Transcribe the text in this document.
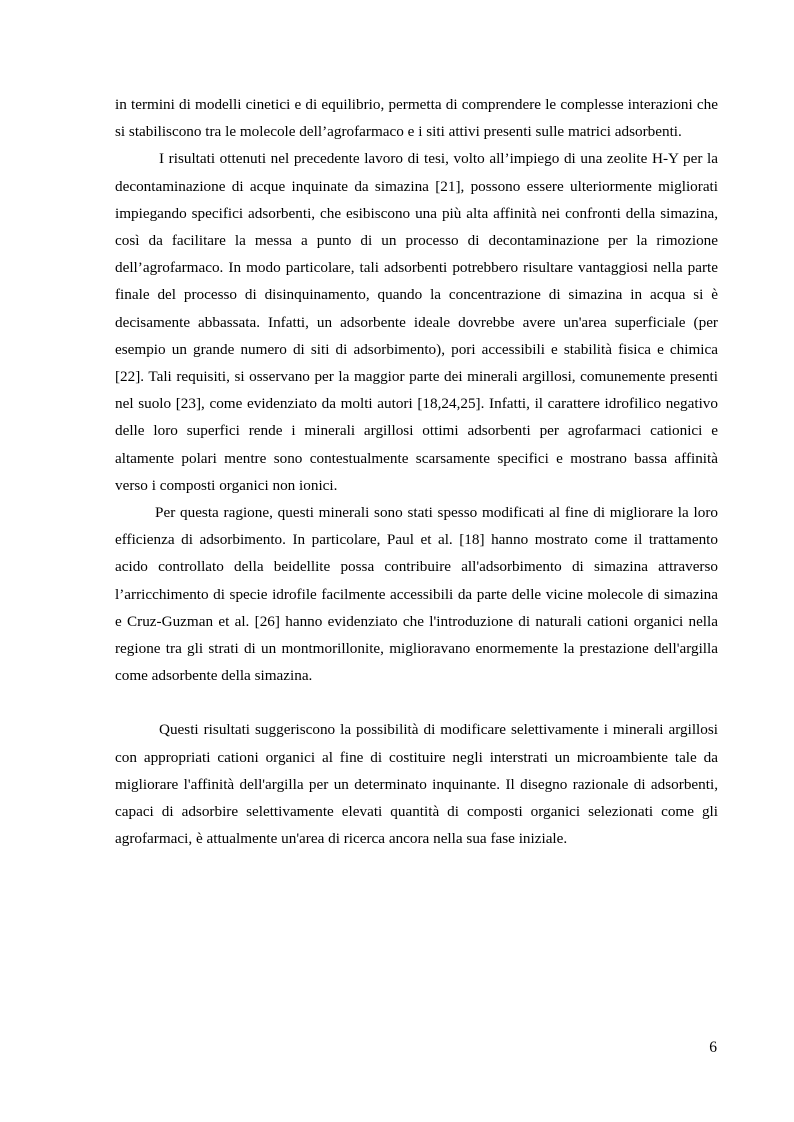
in termini di modelli cinetici e di equilibrio, permetta di comprendere le complesse interazioni che si stabiliscono tra le molecole dell’agrofarmaco e i siti attivi presenti sulle matrici adsorbenti.

I risultati ottenuti nel precedente lavoro di tesi, volto all’impiego di una zeolite H-Y per la decontaminazione di acque inquinate da simazina [21], possono essere ulteriormente migliorati impiegando specifici adsorbenti, che esibiscono una più alta affinità nei confronti della simazina, così da facilitare la messa a punto di un processo di decontaminazione per la rimozione dell’agrofarmaco. In modo particolare, tali adsorbenti potrebbero risultare vantaggiosi nella parte finale del processo di disinquinamento, quando la concentrazione di simazina in acqua si è decisamente abbassata. Infatti, un adsorbente ideale dovrebbe avere un'area superficiale (per esempio un grande numero di siti di adsorbimento), pori accessibili e stabilità fisica e chimica [22]. Tali requisiti, si osservano per la maggior parte dei minerali argillosi, comunemente presenti nel suolo [23], come evidenziato da molti autori [18,24,25]. Infatti, il carattere idrofilico negativo delle loro superfici rende i minerali argillosi ottimi adsorbenti per agrofarmaci cationici e altamente polari mentre sono contestualmente scarsamente specifici e mostrano bassa affinità verso i composti organici non ionici.

Per questa ragione, questi minerali sono stati spesso modificati al fine di migliorare la loro efficienza di adsorbimento. In particolare, Paul et al. [18] hanno mostrato come il trattamento acido controllato della beidellite possa contribuire all'adsorbimento di simazina attraverso l’arricchimento di specie idrofile facilmente accessibili da parte delle vicine molecole di simazina e Cruz-Guzman et al. [26] hanno evidenziato che l'introduzione di naturali cationi organici nella regione tra gli strati di un montmorillonite, miglioravano enormemente la prestazione dell'argilla come adsorbente della simazina.

Questi risultati suggeriscono la possibilità di modificare selettivamente i minerali argillosi con appropriati cationi organici al fine di costituire negli interstrati un microambiente tale da migliorare l'affinità dell'argilla per un determinato inquinante. Il disegno razionale di adsorbenti, capaci di adsorbire selettivamente elevati quantità di composti organici selezionati come gli agrofarmaci, è attualmente un'area di ricerca ancora nella sua fase iniziale.

6
